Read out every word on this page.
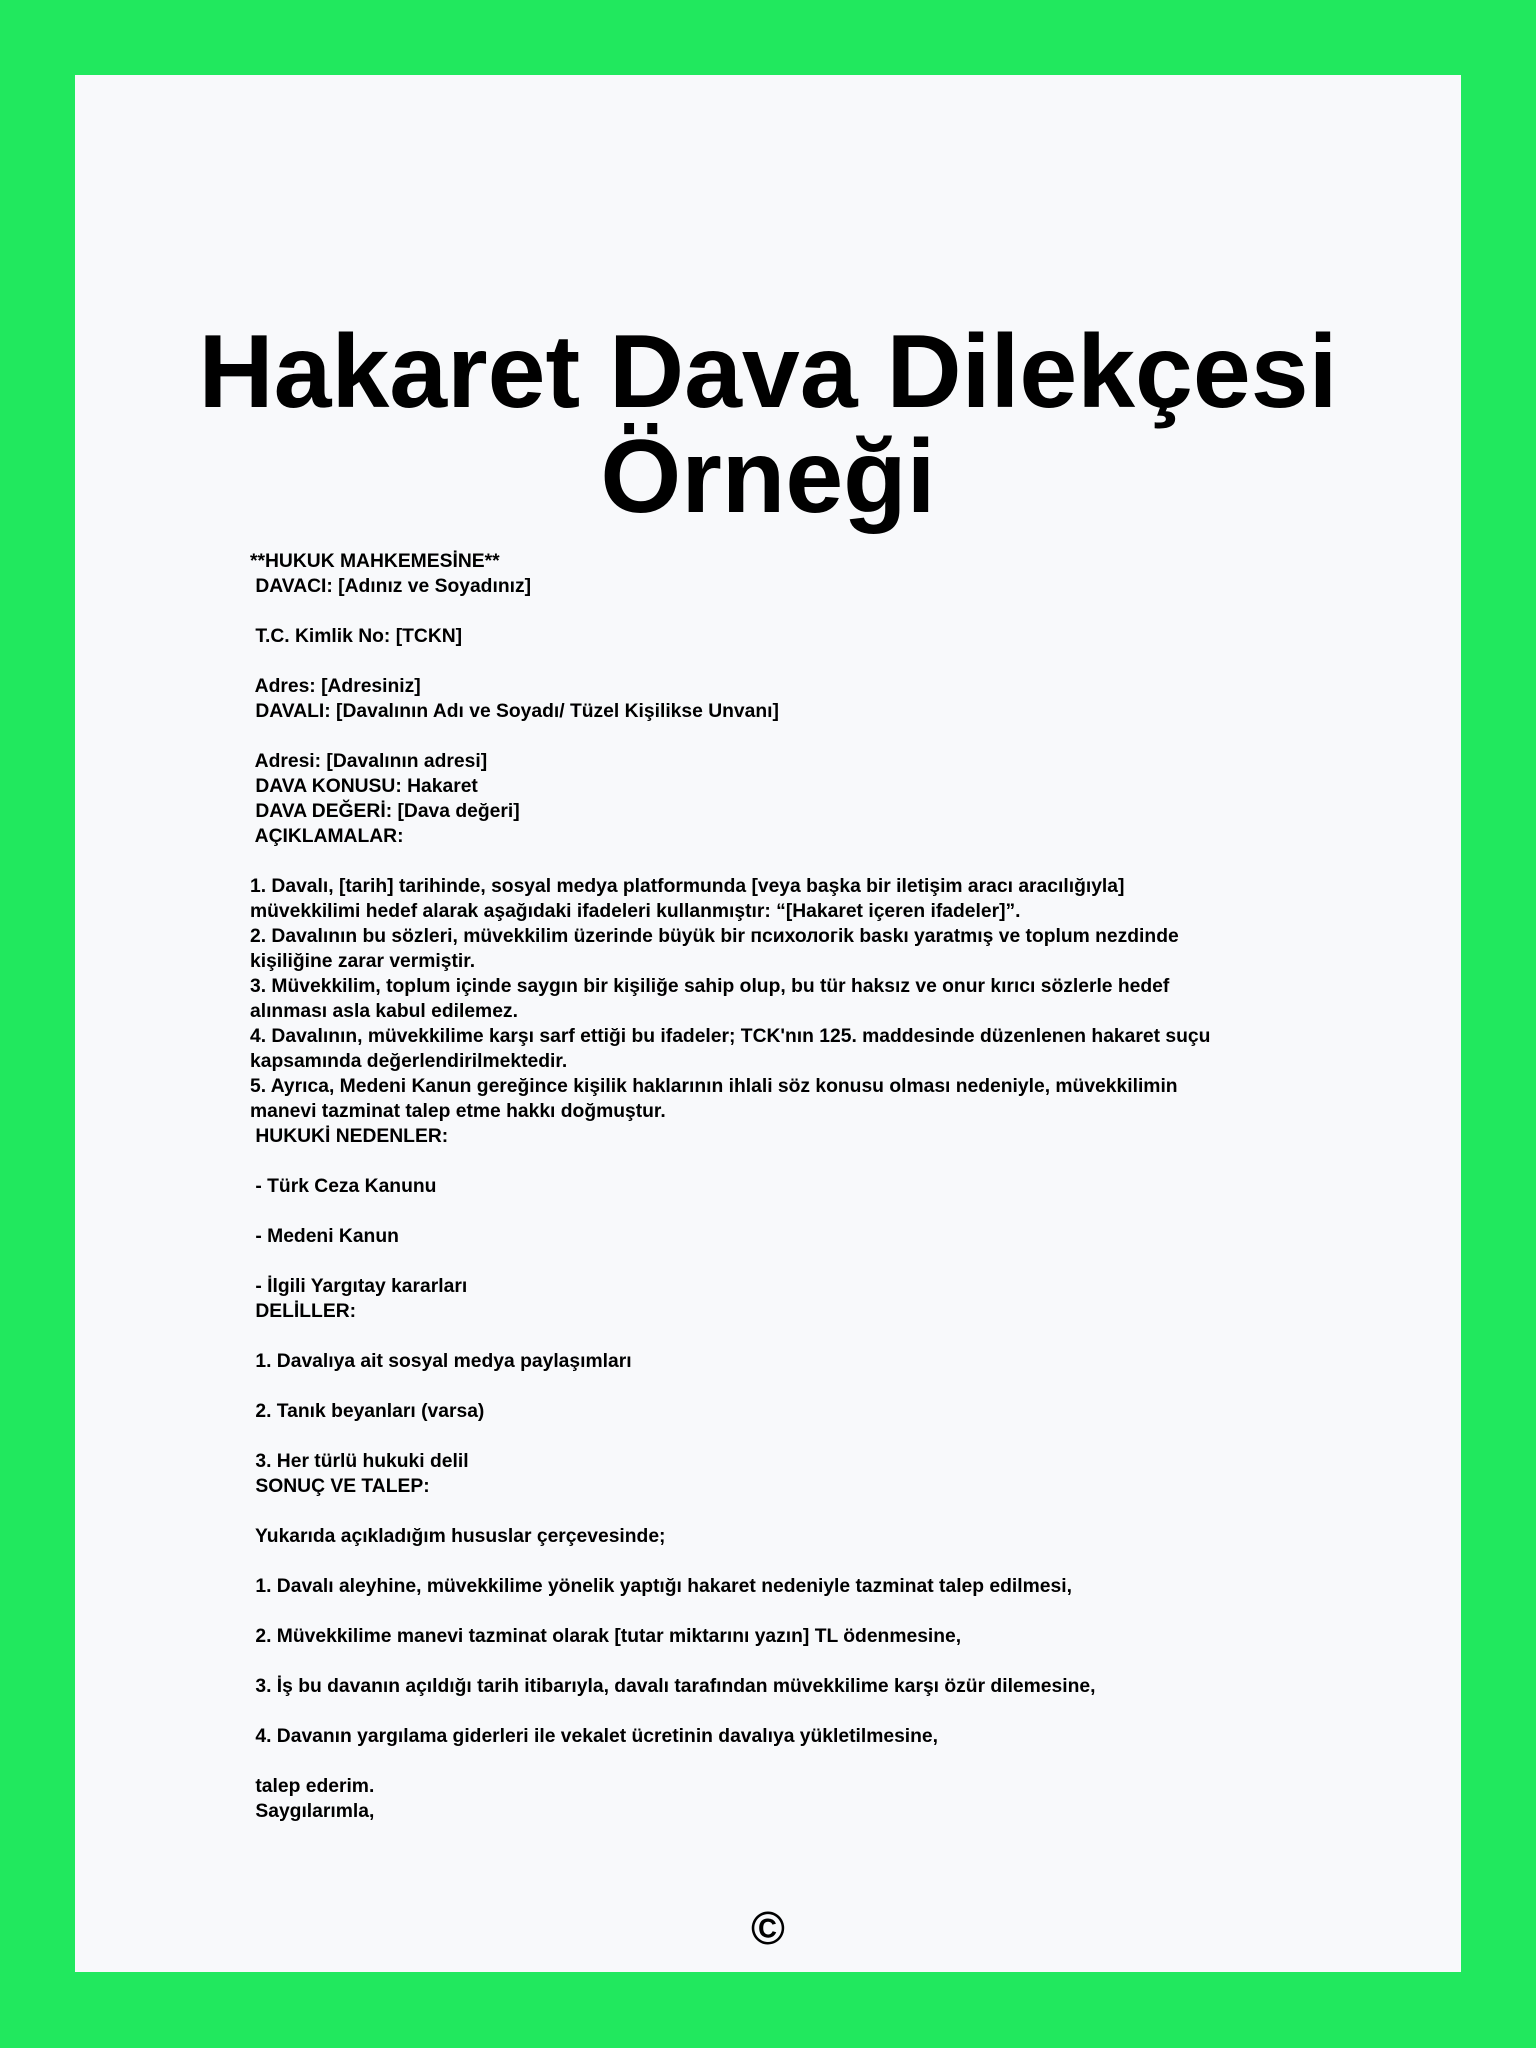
Hakaret Dava Dilekçesi Örneği
**HUKUK MAHKEMESİNE**
DAVACI: [Adınız ve Soyadınız]
T.C. Kimlik No: [TCKN]
Adres: [Adresiniz]
DAVALI: [Davalının Adı ve Soyadı/ Tüzel Kişilikse Unvanı]
Adresi: [Davalının adresi]
DAVA KONUSU: Hakaret
DAVA DEĞERİ: [Dava değeri]
AÇIKLAMALAR:
1. Davalı, [tarih] tarihinde, sosyal medya platformunda [veya başka bir iletişim aracı aracılığıyla]
müvekkilimi hedef alarak aşağıdaki ifadeleri kullanmıştır: “[Hakaret içeren ifadeler]”.
2. Davalının bu sözleri, müvekkilim üzerinde büyük bir психологik baskı yaratmış ve toplum nezdinde
kişiliğine zarar vermiştir.
3. Müvekkilim, toplum içinde saygın bir kişiliğe sahip olup, bu tür haksız ve onur kırıcı sözlerle hedef
alınması asla kabul edilemez.
4. Davalının, müvekkilime karşı sarf ettiği bu ifadeler; TCK'nın 125. maddesinde düzenlenen hakaret suçu
kapsamında değerlendirilmektedir.
5. Ayrıca, Medeni Kanun gereğince kişilik haklarının ihlali söz konusu olması nedeniyle, müvekkilimin
manevi tazminat talep etme hakkı doğmuştur.
HUKUKİ NEDENLER:
- Türk Ceza Kanunu
- Medeni Kanun
- İlgili Yargıtay kararları
DELİLLER:
1. Davalıya ait sosyal medya paylaşımları
2. Tanık beyanları (varsa)
3. Her türlü hukuki delil
SONUÇ VE TALEP:
Yukarıda açıkladığım hususlar çerçevesinde;
1. Davalı aleyhine, müvekkilime yönelik yaptığı hakaret nedeniyle tazminat talep edilmesi,
2. Müvekkilime manevi tazminat olarak [tutar miktarını yazın] TL ödenmesine,
3. İş bu davanın açıldığı tarih itibarıyla, davalı tarafından müvekkilime karşı özür dilemesine,
4. Davanın yargılama giderleri ile vekalet ücretinin davalıya yükletilmesine,
talep ederim.
Saygılarımla,
©
